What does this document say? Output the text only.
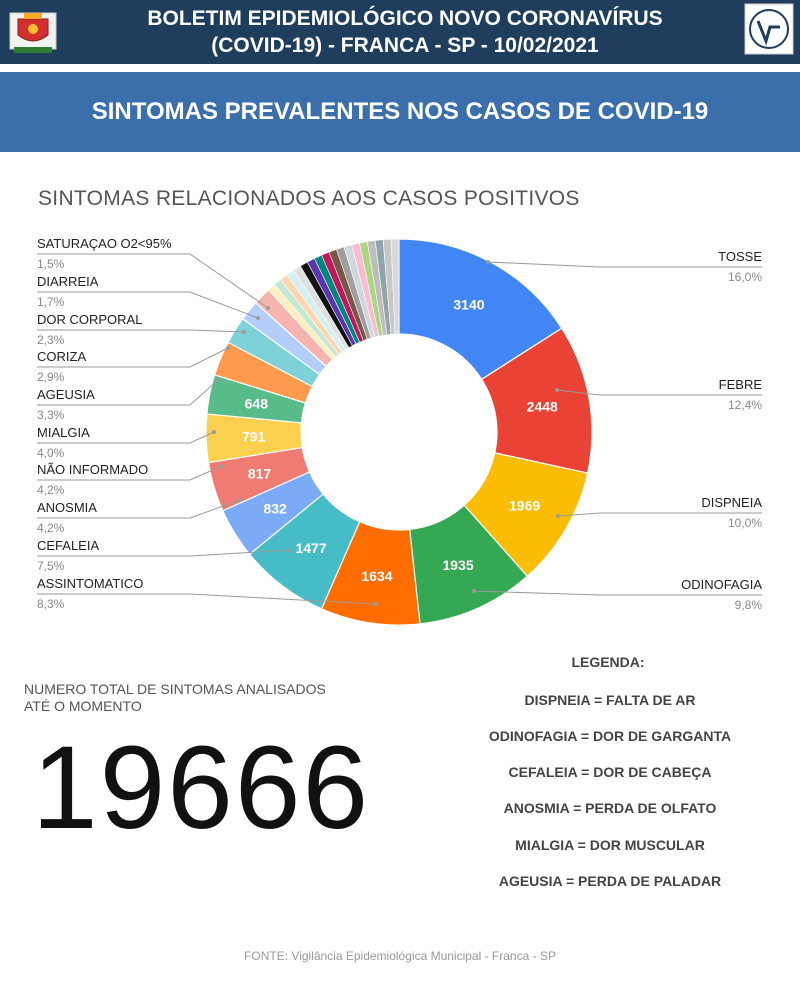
BOLETIM EPIDEMIOLÓGICO NOVO CORONAVÍRUS
(COVID-19) - FRANCA - SP - 10/02/2021
SINTOMAS PREVALENTES NOS CASOS DE COVID-19
SINTOMAS RELACIONADOS AOS CASOS POSITIVOS
3140
2448
1969
1935
1634
1477
832
817
791
648
SATURAÇAO O2<95%
1,5%
DIARREIA
1,7%
DOR CORPORAL
2,3%
CORIZA
2,9%
AGEUSIA
3,3%
MIALGIA
4,0%
NÃO INFORMADO
4,2%
ANOSMIA
4,2%
CEFALEIA
7,5%
ASSINTOMATICO
8,3%
TOSSE
16,0%
FEBRE
12,4%
DISPNEIA
10,0%
ODINOFAGIA
9,8%
NUMERO TOTAL DE SINTOMAS ANALISADOS
ATÉ O MOMENTO
19666
LEGENDA:
DISPNEIA = FALTA DE AR
ODINOFAGIA = DOR DE GARGANTA
CEFALEIA = DOR DE CABEÇA
ANOSMIA = PERDA DE OLFATO
MIALGIA = DOR MUSCULAR
AGEUSIA = PERDA DE PALADAR
FONTE: Vigilância Epidemiológica Municipal - Franca - SP
